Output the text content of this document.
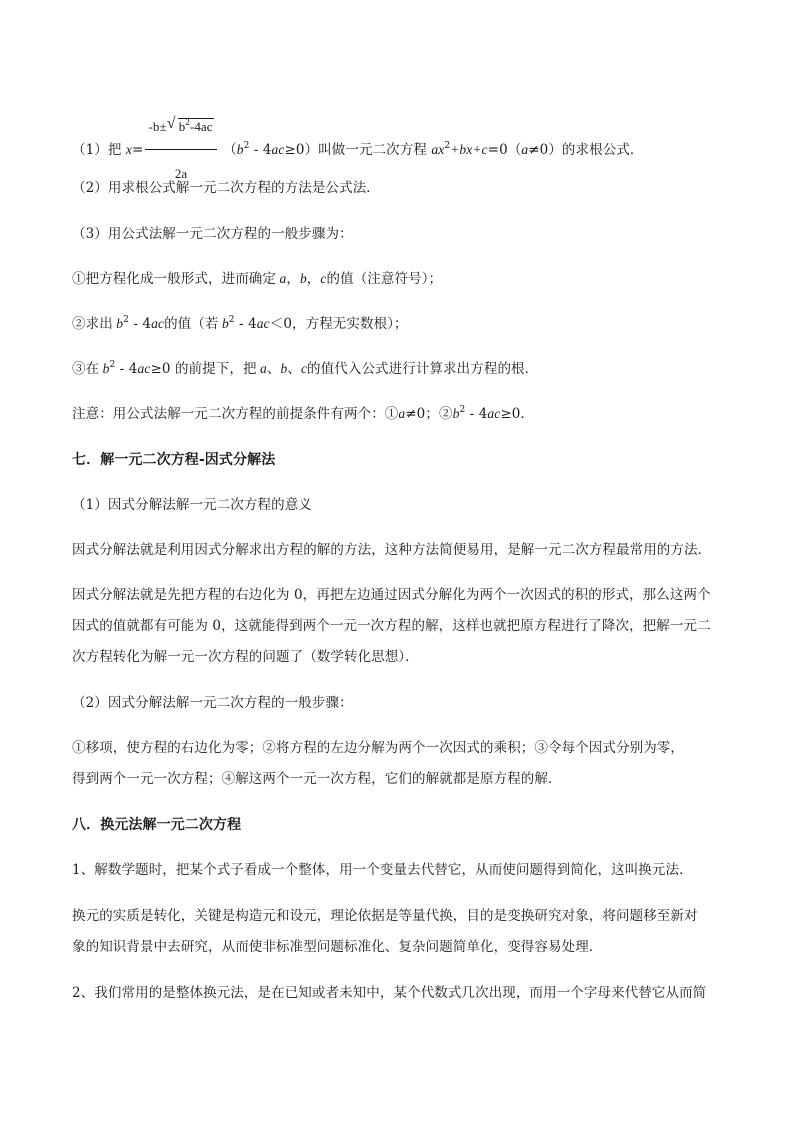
（1）把 $x= \frac{-b\pm √ b^2-4ac}{2a} (b^2 - 4ac\ge 0)$叫做一元二次方程 $ax^2+bx+c=0(a\ne 0)$的求根公式．
（2）用求根公式解一元二次方程的方法是公式法．
（3）用公式法解一元二次方程的一般步骤为：
①把方程化成一般形式，进而确定 a，b，c的值（注意符号）；
②求出 $b^2 - 4ac$的值（若 $b^2 - 4ac<0$，方程无实数根）；
③在 $b^2 - 4ac\ge 0$ 的前提下，把 a、b、c的值代入公式进行计算求出方程的根．
注意：用公式法解一元二次方程的前提条件有两个：①a≠0；$②b^2 - 4ac\ge 0$．
七．解一元二次方程-因式分解法
（1）因式分解法解一元二次方程的意义
因式分解法就是利用因式分解求出方程的解的方法，这种方法简便易用，是解一元二次方程最常用的方法．
因式分解法就是先把方程的右边化为 0，再把左边通过因式分解化为两个一次因式的积的形式，那么这两个
因式的值就都有可能为 0，这就能得到两个一元一次方程的解，这样也就把原方程进行了降次，把解一元二
次方程转化为解一元一次方程的问题了（数学转化思想）．
（2）因式分解法解一元二次方程的一般步骤：
①移项，使方程的右边化为零；②将方程的左边分解为两个一次因式的乘积；③令每个因式分别为零，
得到两个一元一次方程；④解这两个一元一次方程，它们的解就都是原方程的解．
八．换元法解一元二次方程
1、解数学题时，把某个式子看成一个整体，用一个变量去代替它，从而使问题得到简化，这叫换元法．
换元的实质是转化，关键是构造元和设元，理论依据是等量代换，目的是变换研究对象，将问题移至新对
象的知识背景中去研究，从而使非标准型问题标准化、复杂问题简单化，变得容易处理．
2、我们常用的是整体换元法，是在已知或者未知中，某个代数式几次出现，而用一个字母来代替它从而简
